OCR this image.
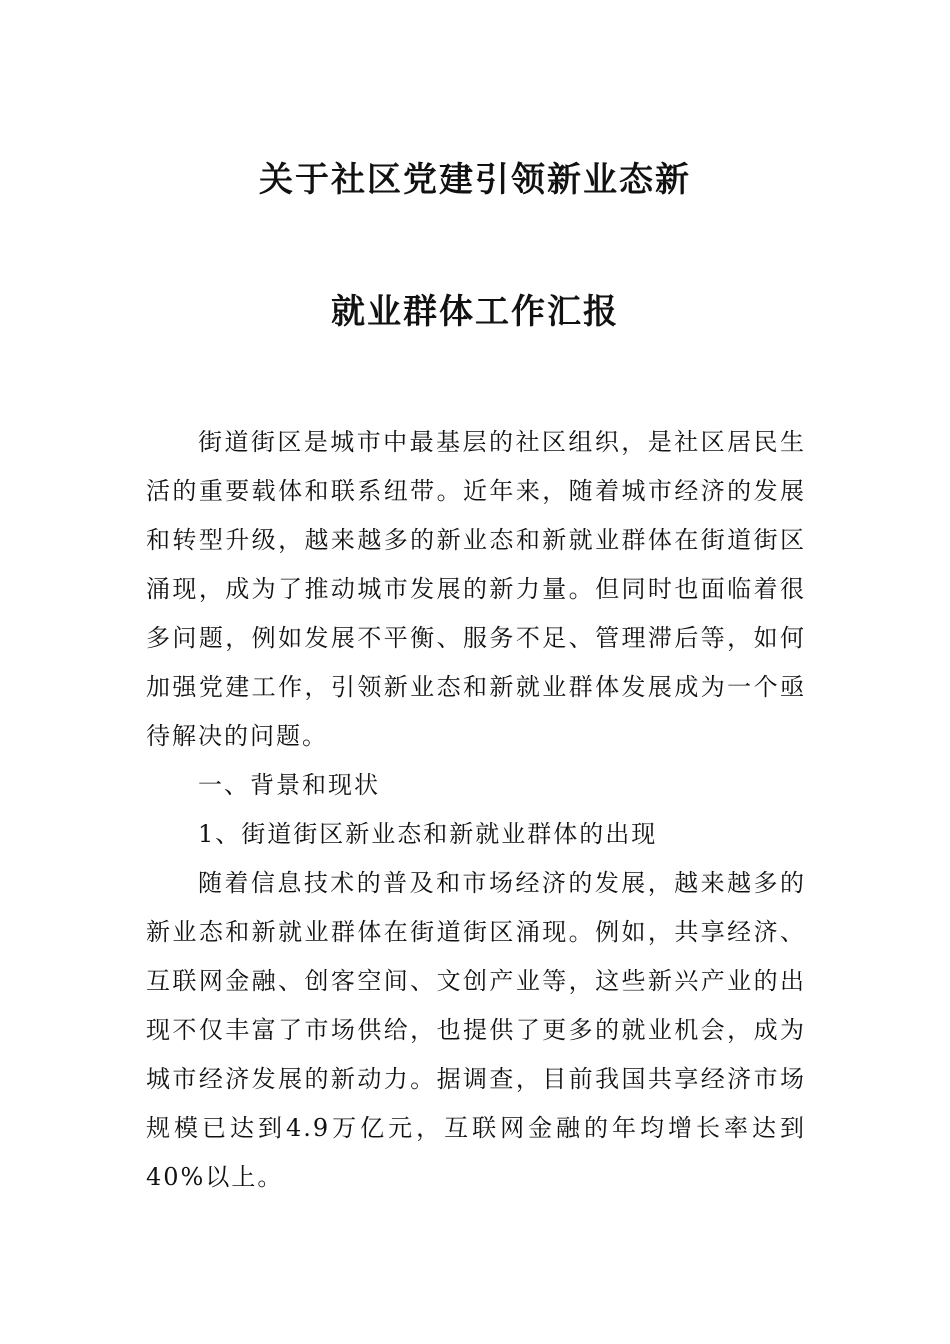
关于社区党建引领新业态新
就业群体工作汇报

街道街区是城市中最基层的社区组织，是社区居民生活的重要载体和联系纽带。近年来，随着城市经济的发展和转型升级，越来越多的新业态和新就业群体在街道街区涌现，成为了推动城市发展的新力量。但同时也面临着很多问题，例如发展不平衡、服务不足、管理滞后等，如何加强党建工作，引领新业态和新就业群体发展成为一个亟待解决的问题。

一、背景和现状

1、街道街区新业态和新就业群体的出现

随着信息技术的普及和市场经济的发展，越来越多的新业态和新就业群体在街道街区涌现。例如，共享经济、互联网金融、创客空间、文创产业等，这些新兴产业的出现不仅丰富了市场供给，也提供了更多的就业机会，成为城市经济发展的新动力。据调查，目前我国共享经济市场规模已达到4.9万亿元，互联网金融的年均增长率达到40%以上。
